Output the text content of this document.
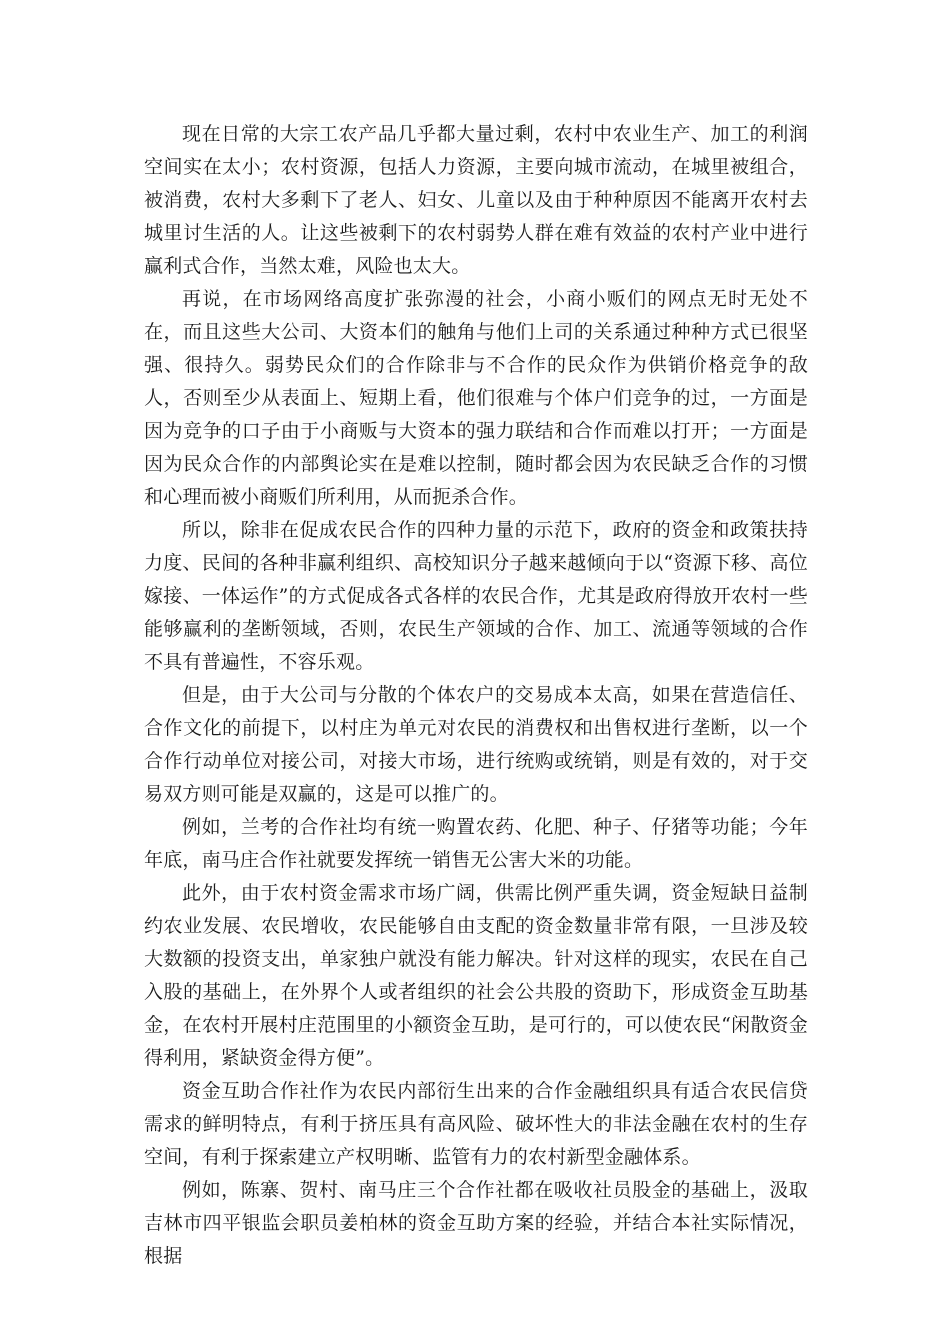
现在日常的大宗工农产品几乎都大量过剩，农村中农业生产、加工的利润空间实在太小；农村资源，包括人力资源，主要向城市流动，在城里被组合，被消费，农村大多剩下了老人、妇女、儿童以及由于种种原因不能离开农村去城里讨生活的人。让这些被剩下的农村弱势人群在难有效益的农村产业中进行赢利式合作，当然太难，风险也太大。

再说，在市场网络高度扩张弥漫的社会，小商小贩们的网点无时无处不在，而且这些大公司、大资本们的触角与他们上司的关系通过种种方式已很坚强、很持久。弱势民众们的合作除非与不合作的民众作为供销价格竞争的敌人，否则至少从表面上、短期上看，他们很难与个体户们竞争的过，一方面是因为竞争的口子由于小商贩与大资本的强力联结和合作而难以打开；一方面是因为民众合作的内部舆论实在是难以控制，随时都会因为农民缺乏合作的习惯和心理而被小商贩们所利用，从而扼杀合作。

所以，除非在促成农民合作的四种力量的示范下，政府的资金和政策扶持力度、民间的各种非赢利组织、高校知识分子越来越倾向于以“资源下移、高位嫁接、一体运作”的方式促成各式各样的农民合作，尤其是政府得放开农村一些能够赢利的垄断领域，否则，农民生产领域的合作、加工、流通等领域的合作不具有普遍性，不容乐观。

但是，由于大公司与分散的个体农户的交易成本太高，如果在营造信任、合作文化的前提下，以村庄为单元对农民的消费权和出售权进行垄断，以一个合作行动单位对接公司，对接大市场，进行统购或统销，则是有效的，对于交易双方则可能是双赢的，这是可以推广的。

例如，兰考的合作社均有统一购置农药、化肥、种子、仔猪等功能；今年年底，南马庄合作社就要发挥统一销售无公害大米的功能。

此外，由于农村资金需求市场广阔，供需比例严重失调，资金短缺日益制约农业发展、农民增收，农民能够自由支配的资金数量非常有限，一旦涉及较大数额的投资支出，单家独户就没有能力解决。针对这样的现实，农民在自己入股的基础上，在外界个人或者组织的社会公共股的资助下，形成资金互助基金，在农村开展村庄范围里的小额资金互助，是可行的，可以使农民“闲散资金得利用，紧缺资金得方便”。

资金互助合作社作为农民内部衍生出来的合作金融组织具有适合农民信贷需求的鲜明特点，有利于挤压具有高风险、破坏性大的非法金融在农村的生存空间，有利于探索建立产权明晰、监管有力的农村新型金融体系。

例如，陈寨、贺村、南马庄三个合作社都在吸收社员股金的基础上，汲取吉林市四平银监会职员姜柏林的资金互助方案的经验，并结合本社实际情况，根据
